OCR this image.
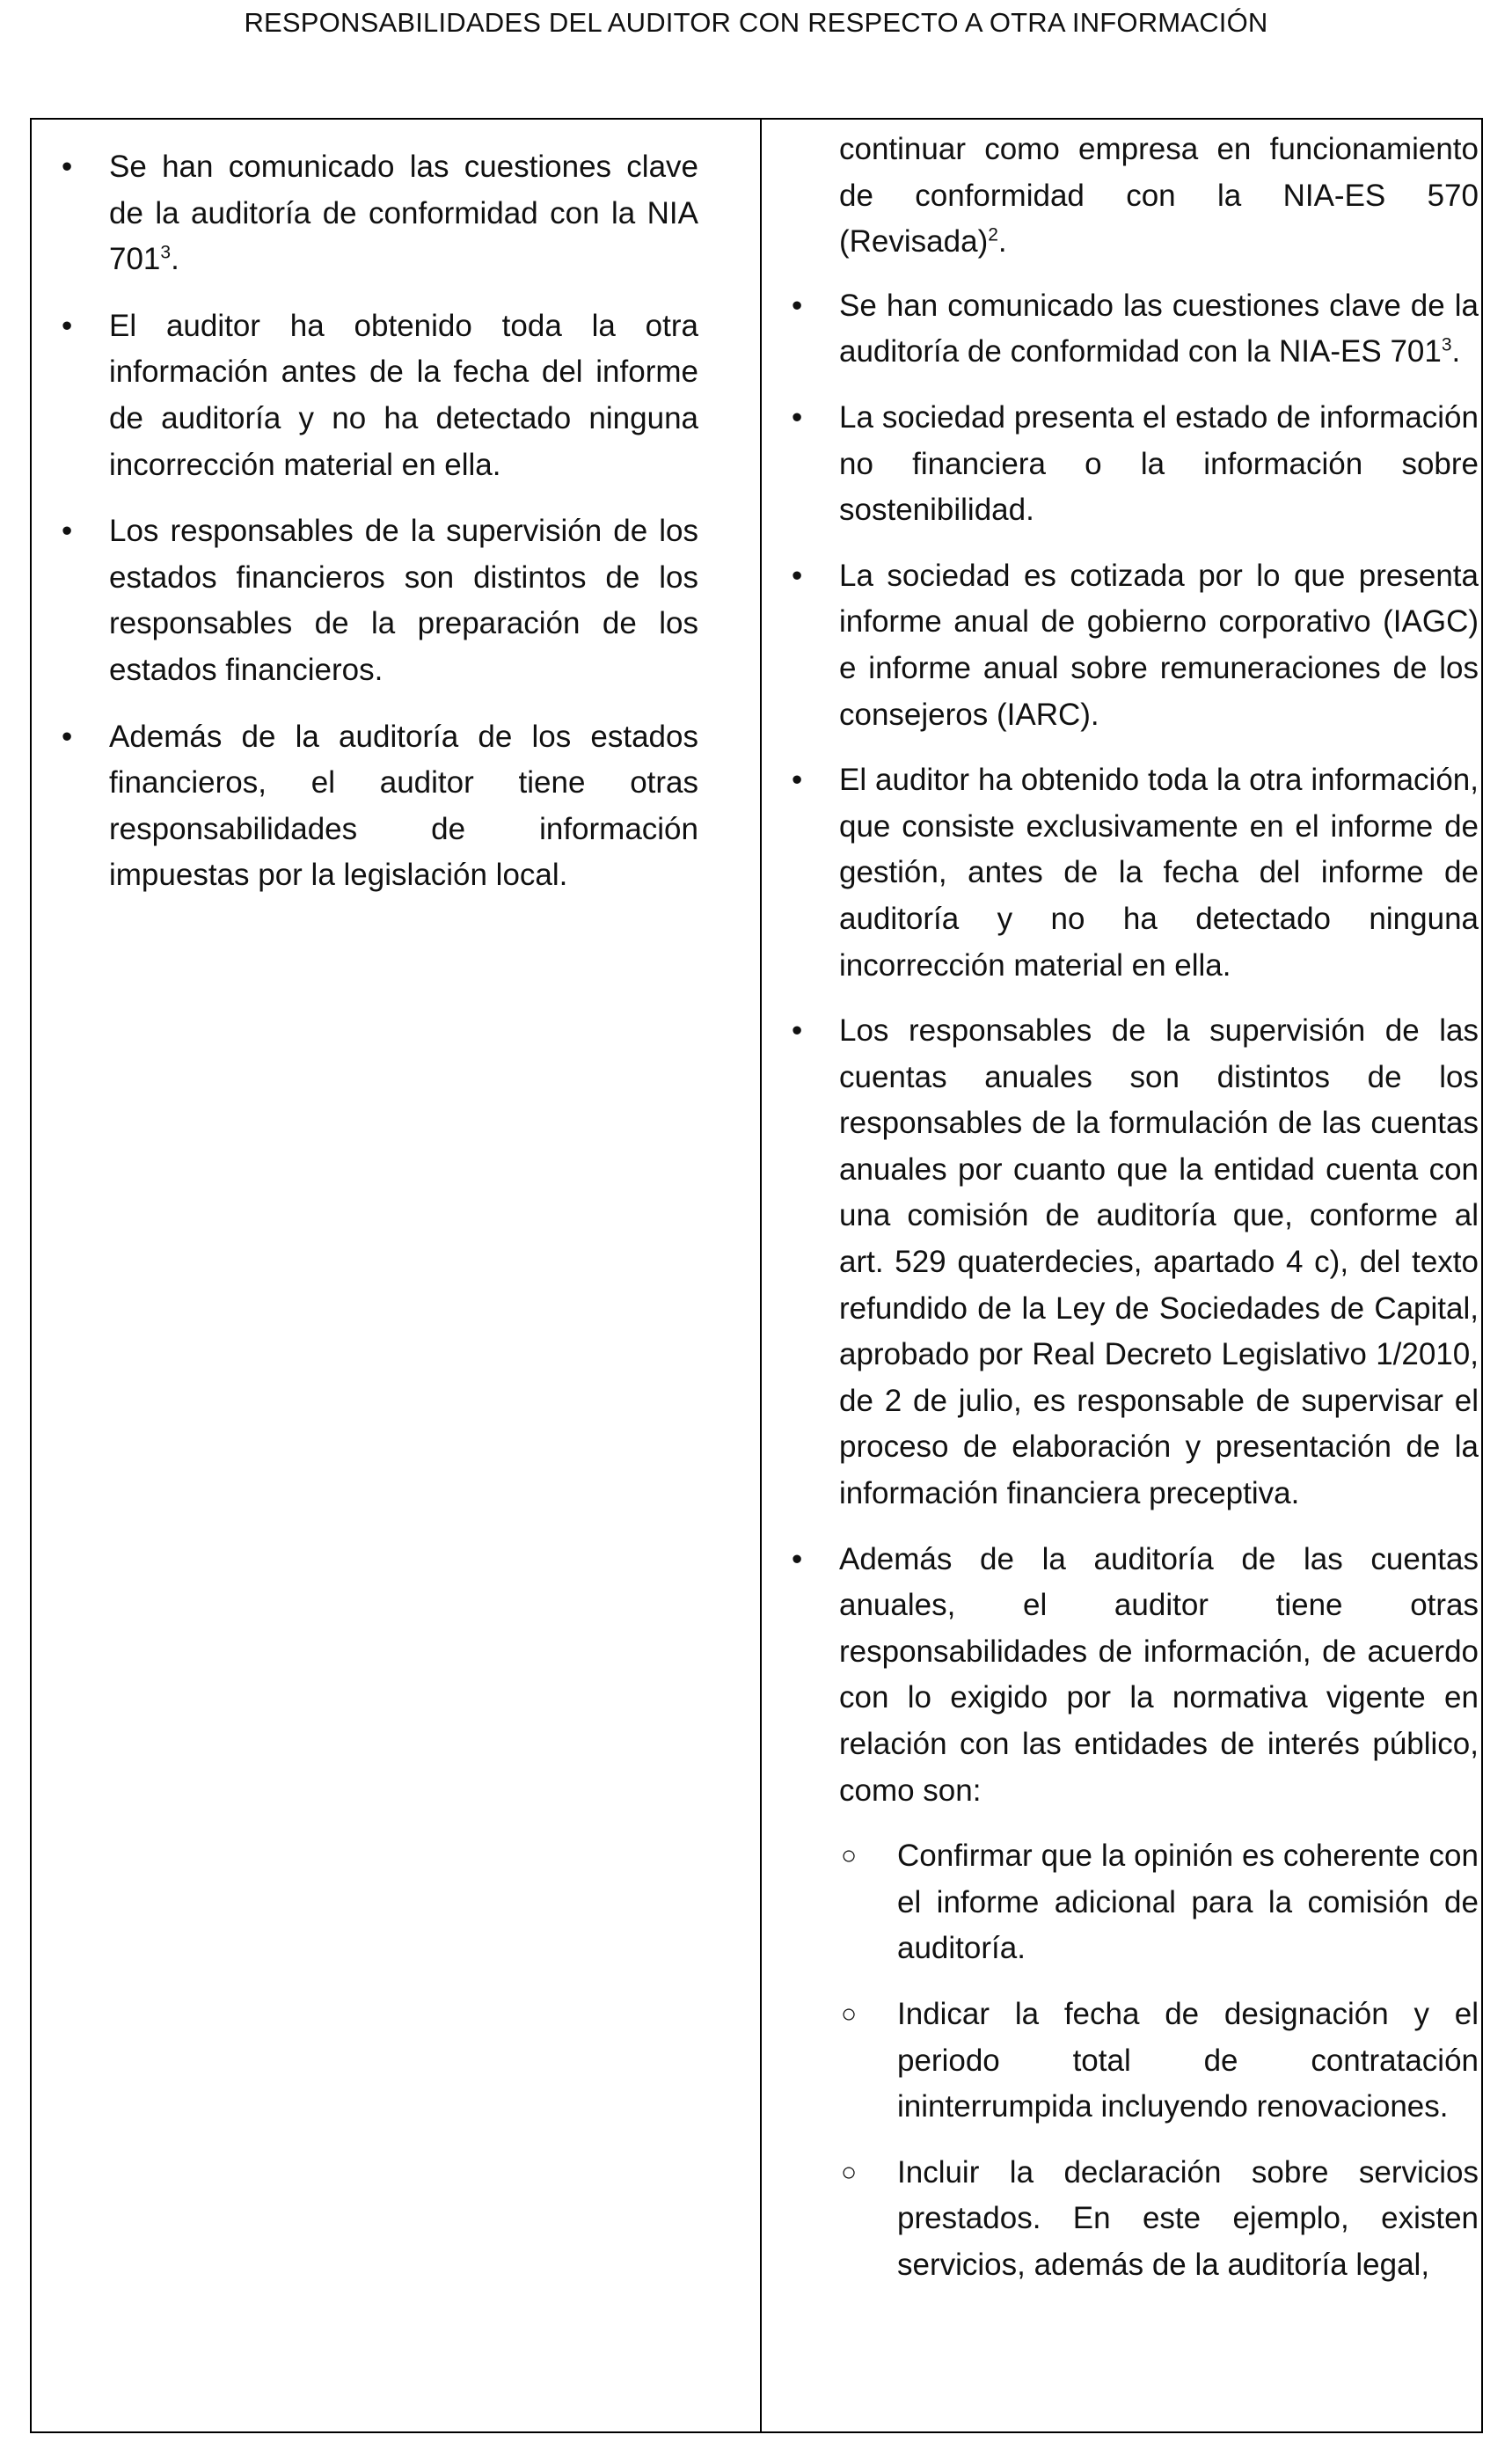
RESPONSABILIDADES DEL AUDITOR CON RESPECTO A OTRA INFORMACIÓN
• Se han comunicado las cuestiones clave de la auditoría de conformidad con la NIA $701^3$.
• El auditor ha obtenido toda la otra información antes de la fecha del informe de auditoría y no ha detectado ninguna incorrección material en ella.
• Los responsables de la supervisión de los estados financieros son distintos de los responsables de la preparación de los estados financieros.
• Además de la auditoría de los estados financieros, el auditor tiene otras responsabilidades de información impuestas por la legislación local.
continuar como empresa en funcionamiento de conformidad con la NIA-ES 570 (Revisada)$^2$.
• Se han comunicado las cuestiones clave de la auditoría de conformidad con la NIA-ES $701^3$.
• La sociedad presenta el estado de información no financiera o la información sobre sostenibilidad.
• La sociedad es cotizada por lo que presenta informe anual de gobierno corporativo (IAGC) e informe anual sobre remuneraciones de los consejeros (IARC).
• El auditor ha obtenido toda la otra información, que consiste exclusivamente en el informe de gestión, antes de la fecha del informe de auditoría y no ha detectado ninguna incorrección material en ella.
• Los responsables de la supervisión de las cuentas anuales son distintos de los responsables de la formulación de las cuentas anuales por cuanto que la entidad cuenta con una comisión de auditoría que, conforme al art. 529 quaterdecies, apartado 4 c), del texto refundido de la Ley de Sociedades de Capital, aprobado por Real Decreto Legislativo 1/2010, de 2 de julio, es responsable de supervisar el proceso de elaboración y presentación de la información financiera preceptiva.
• Además de la auditoría de las cuentas anuales, el auditor tiene otras responsabilidades de información, de acuerdo con lo exigido por la normativa vigente en relación con las entidades de interés público, como son:
○ Confirmar que la opinión es coherente con el informe adicional para la comisión de auditoría.
○ Indicar la fecha de designación y el periodo total de contratación ininterrumpida incluyendo renovaciones.
○ Incluir la declaración sobre servicios prestados. En este ejemplo, existen servicios, además de la auditoría legal,
